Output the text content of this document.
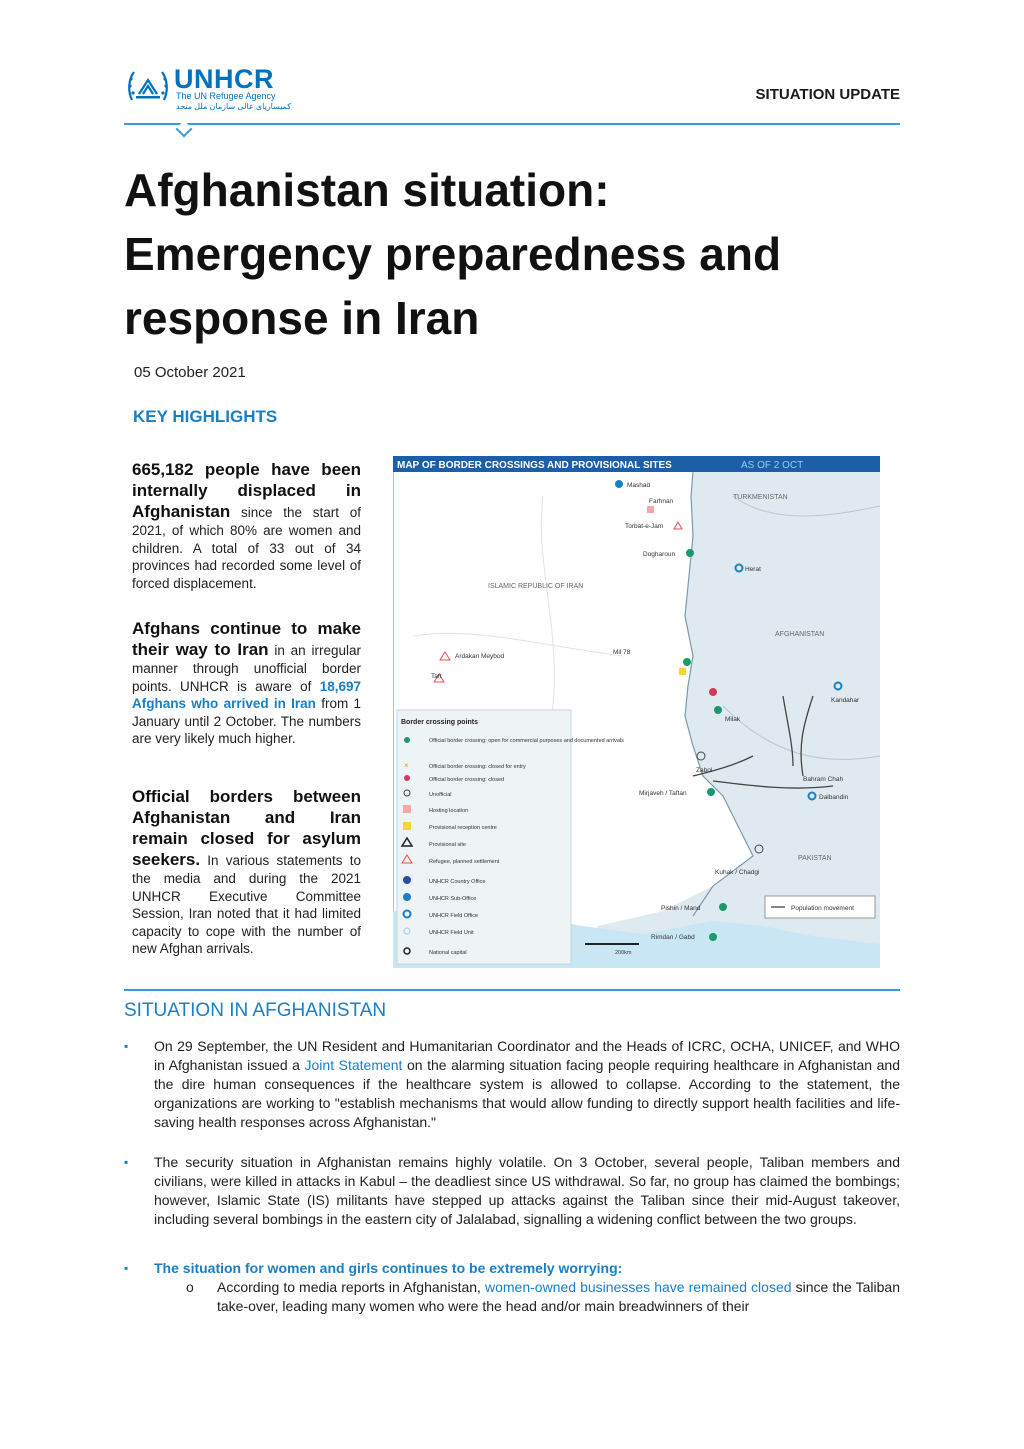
UNHCR
The UN Refugee Agency
کمیساریای عالی سازمان ملل متحد
SITUATION UPDATE
Afghanistan situation:
Emergency preparedness and
response in Iran
05 October 2021
KEY HIGHLIGHTS
665,182 people have been internally displaced in Afghanistan since the start of 2021, of which 80% are women and children. A total of 33 out of 34 provinces had recorded some level of forced displacement.
Afghans continue to make their way to Iran in an irregular manner through unofficial border points. UNHCR is aware of 18,697 Afghans who arrived in Iran from 1 January until 2 October. The numbers are very likely much higher.
Official borders between Afghanistan and Iran remain closed for asylum seekers. In various statements to the media and during the 2021 UNHCR Executive Committee Session, Iran noted that it had limited capacity to cope with the number of new Afghan arrivals.
MAP OF BORDER CROSSINGS AND PROVISIONAL SITES	AS OF 2 OCT
ISLAMIC REPUBLIC OF IRAN
AFGHANISTAN
TURKMENISTAN
PAKISTAN
Mashad
Farhnan
Torbat-e-Jam
Dogharoun
Herat
Mil 78
Milak
Zabol
Dalbandin
Kandahar
Bahram Chah
Mirjaveh / Taftan
Kuhak / Chadgi
Pishin / Mand
Rimdan / Gabd
Ardakan Meybod
Taft
Border crossing points
Official border crossing: open for commercial purposes and documented arrivals
×	Official border crossing: closed for entry
Official border crossing: closed
Unofficial
Hosting location
Provisional reception centre
Provisional site
Refugee, planned settlement
UNHCR Country Office
UNHCR Sub-Office
UNHCR Field Office
UNHCR Field Unit
National capital
Population movement
200km
SITUATION IN AFGHANISTAN
▪ On 29 September, the UN Resident and Humanitarian Coordinator and the Heads of ICRC, OCHA, UNICEF, and WHO in Afghanistan issued a Joint Statement on the alarming situation facing people requiring healthcare in Afghanistan and the dire human consequences if the healthcare system is allowed to collapse. According to the statement, the organizations are working to "establish mechanisms that would allow funding to directly support health facilities and life-saving health responses across Afghanistan."
▪ The security situation in Afghanistan remains highly volatile. On 3 October, several people, Taliban members and civilians, were killed in attacks in Kabul – the deadliest since US withdrawal. So far, no group has claimed the bombings; however, Islamic State (IS) militants have stepped up attacks against the Taliban since their mid-August takeover, including several bombings in the eastern city of Jalalabad, signalling a widening conflict between the two groups.
▪ The situation for women and girls continues to be extremely worrying:
o According to media reports in Afghanistan, women-owned businesses have remained closed since the Taliban take-over, leading many women who were the head and/or main breadwinners of their
